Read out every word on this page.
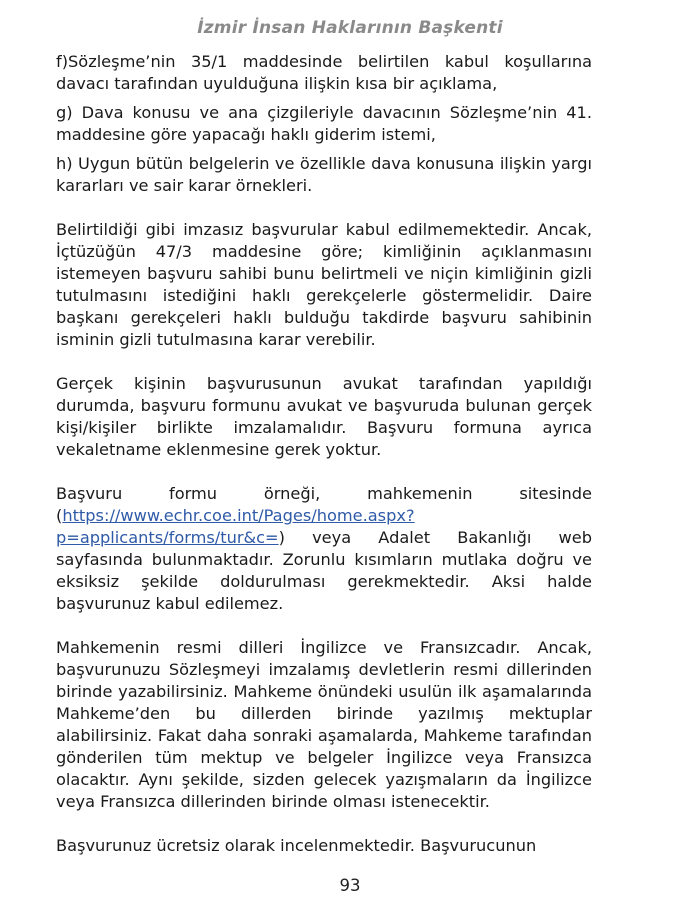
İzmir İnsan Haklarının Başkenti

f)Sözleşme’nin 35/1 maddesinde belirtilen kabul koşullarına davacı tarafından uyulduğuna ilişkin kısa bir açıklama,

g) Dava konusu ve ana çizgileriyle davacının Sözleşme’nin 41. maddesine göre yapacağı haklı giderim istemi,

h) Uygun bütün belgelerin ve özellikle dava konusuna ilişkin yargı kararları ve sair karar örnekleri.

Belirtildiği gibi imzasız başvurular kabul edilmemektedir. Ancak, İçtüzüğün 47/3 maddesine göre; kimliğinin açıklanmasını istemeyen başvuru sahibi bunu belirtmeli ve niçin kimliğinin gizli tutulmasını istediğini haklı gerekçelerle göstermelidir. Daire başkanı gerekçeleri haklı bulduğu takdirde başvuru sahibinin isminin gizli tutulmasına karar verebilir.

Gerçek kişinin başvurusunun avukat tarafından yapıldığı durumda, başvuru formunu avukat ve başvuruda bulunan gerçek kişi/kişiler birlikte imzalamalıdır. Başvuru formuna ayrıca vekaletname eklenmesine gerek yoktur.

Başvuru formu örneği, mahkemenin sitesinde (https://www.echr.coe.int/Pages/home.aspx?p=applicants/forms/tur&c=) veya Adalet Bakanlığı web sayfasında bulunmaktadır. Zorunlu kısımların mutlaka doğru ve eksiksiz şekilde doldurulması gerekmektedir. Aksi halde başvurunuz kabul edilemez.

Mahkemenin resmi dilleri İngilizce ve Fransızcadır. Ancak, başvurunuzu Sözleşmeyi imzalamış devletlerin resmi dillerinden birinde yazabilirsiniz. Mahkeme önündeki usulün ilk aşamalarında Mahkeme’den bu dillerden birinde yazılmış mektuplar alabilirsiniz. Fakat daha sonraki aşamalarda, Mahkeme tarafından gönderilen tüm mektup ve belgeler İngilizce veya Fransızca olacaktır. Aynı şekilde, sizden gelecek yazışmaların da İngilizce veya Fransızca dillerinden birinde olması istenecektir.

Başvurunuz ücretsiz olarak incelenmektedir. Başvurucunun

93
